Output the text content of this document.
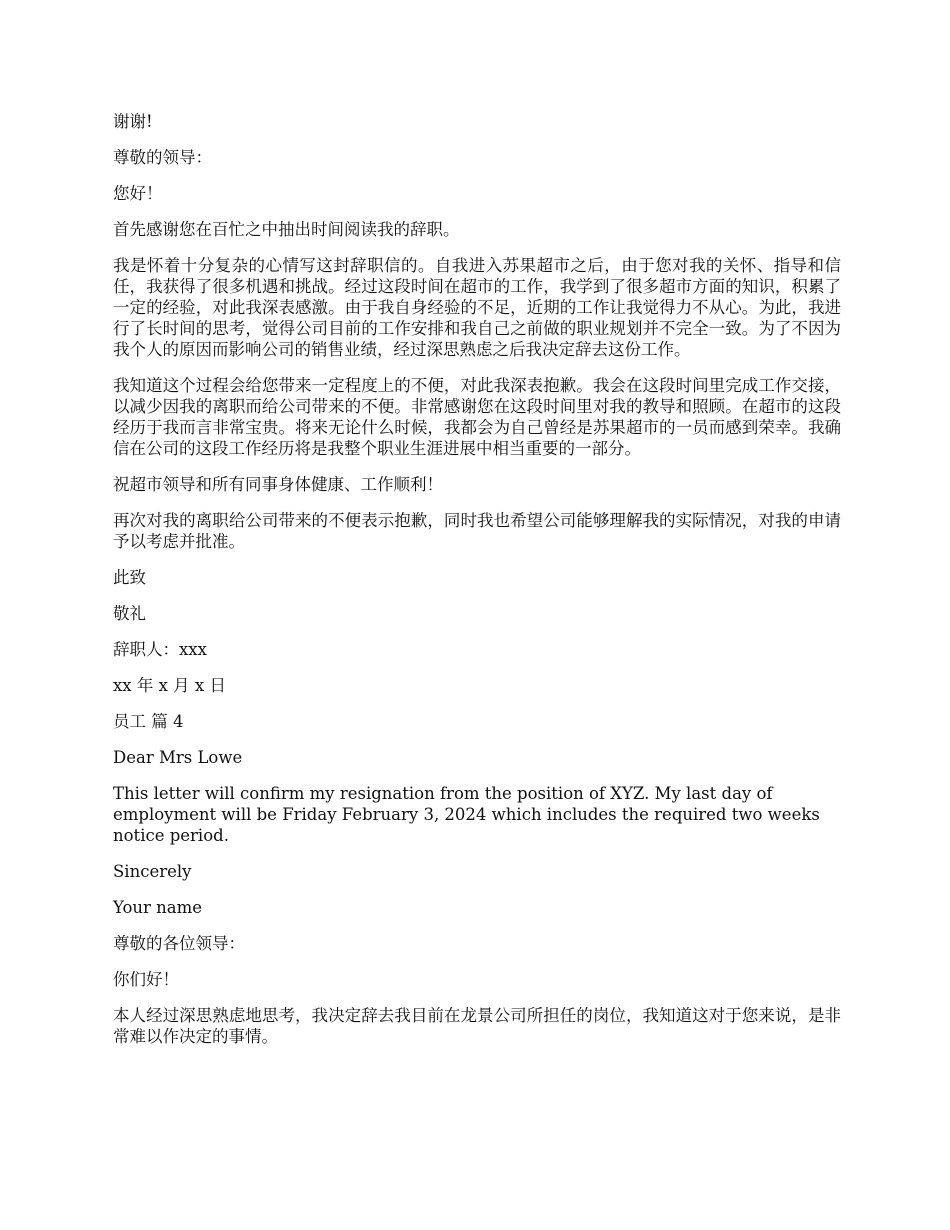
谢谢!

尊敬的领导：

您好！

首先感谢您在百忙之中抽出时间阅读我的辞职。

我是怀着十分复杂的心情写这封辞职信的。自我进入苏果超市之后，由于您对我的关怀、指导和信任，我获得了很多机遇和挑战。经过这段时间在超市的工作，我学到了很多超市方面的知识，积累了一定的经验，对此我深表感激。由于我自身经验的不足，近期的工作让我觉得力不从心。为此，我进行了长时间的思考，觉得公司目前的工作安排和我自己之前做的职业规划并不完全一致。为了不因为我个人的原因而影响公司的销售业绩，经过深思熟虑之后我决定辞去这份工作。

我知道这个过程会给您带来一定程度上的不便，对此我深表抱歉。我会在这段时间里完成工作交接，以减少因我的离职而给公司带来的不便。非常感谢您在这段时间里对我的教导和照顾。在超市的这段经历于我而言非常宝贵。将来无论什么时候，我都会为自己曾经是苏果超市的一员而感到荣幸。我确信在公司的这段工作经历将是我整个职业生涯进展中相当重要的一部分。

祝超市领导和所有同事身体健康、工作顺利！

再次对我的离职给公司带来的不便表示抱歉，同时我也希望公司能够理解我的实际情况，对我的申请予以考虑并批准。

此致

敬礼

辞职人：xxx

xx 年 x 月 x 日

员工 篇 4

Dear Mrs Lowe

This letter will confirm my resignation from the position of XYZ. My last day of employment will be Friday February 3, 2024 which includes the required two weeks notice period.

Sincerely

Your name

尊敬的各位领导：

你们好！

本人经过深思熟虑地思考，我决定辞去我目前在龙景公司所担任的岗位，我知道这对于您来说，是非常难以作决定的事情。
